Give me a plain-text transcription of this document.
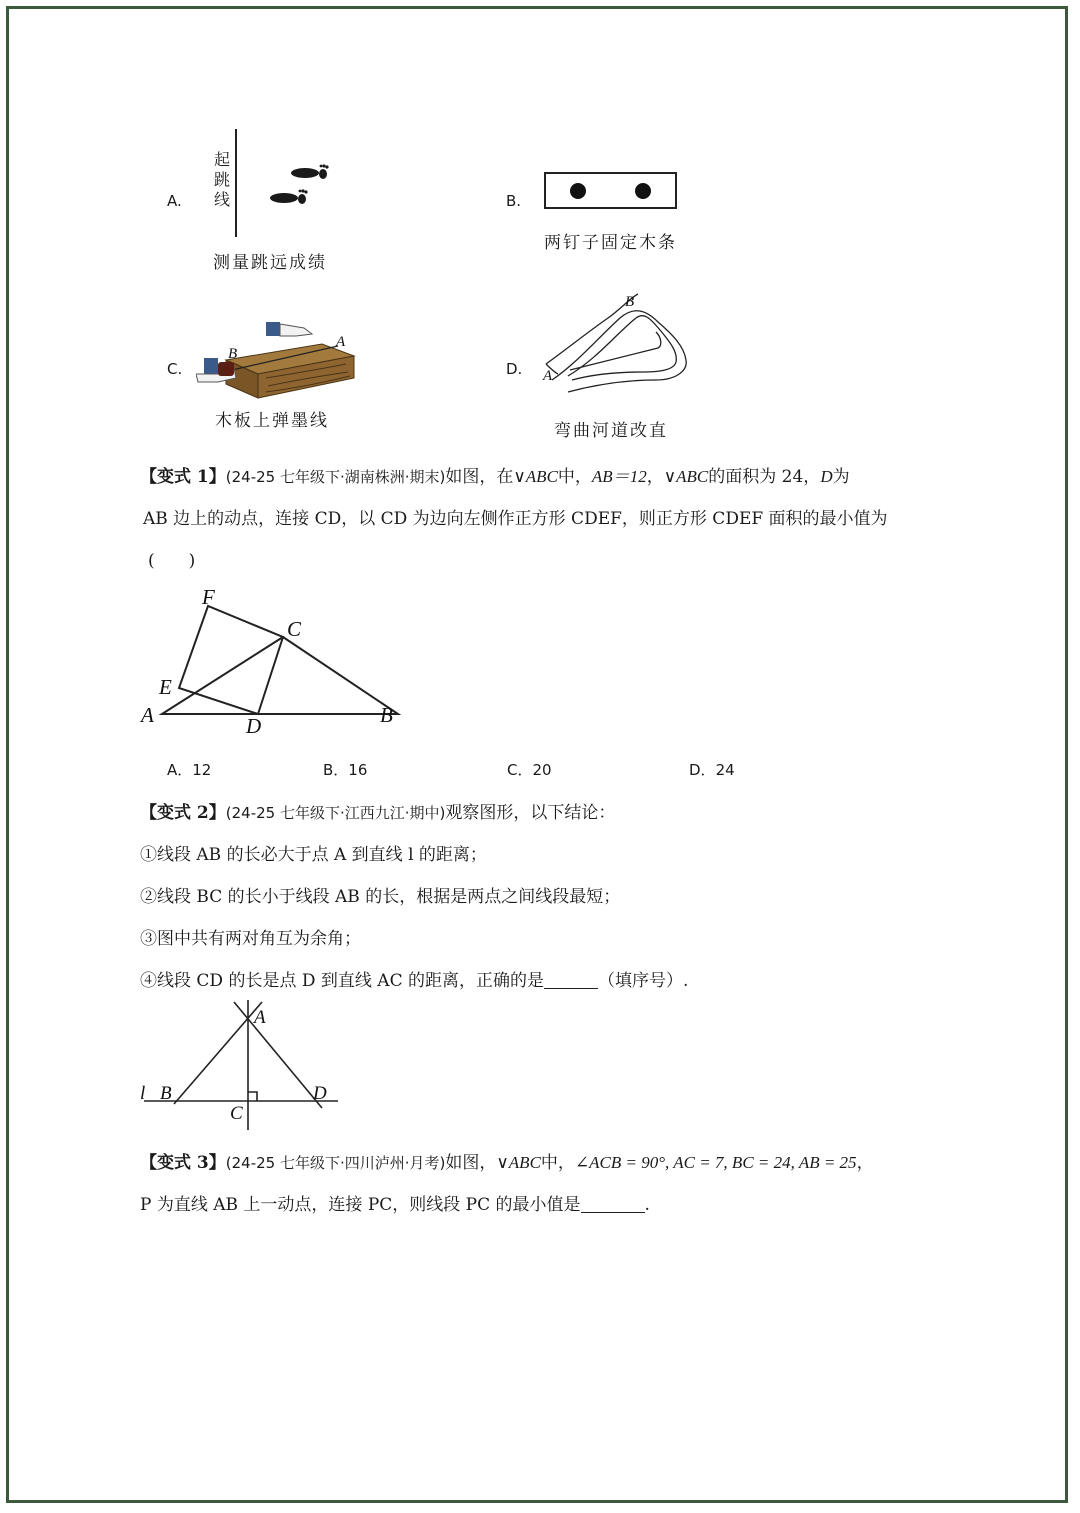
A.
起跳线
测量跳远成绩
B.
两钉子固定木条
C.
B
A
木板上弹墨线
D.
B
A
弯曲河道改直
【变式 1】(24-25 七年级下·湖南株洲·期末)如图，在∨ABC中，AB＝12，∨ABC的面积为 24，D为
AB 边上的动点，连接 CD，以 CD 为边向左侧作正方形 CDEF，则正方形 CDEF 面积的最小值为
(　　)
F
C
E
A	D	B
A．12	B．16	C．20	D．24
【变式 2】(24-25 七年级下·江西九江·期中)观察图形，以下结论：
①线段 AB 的长必大于点 A 到直线 l 的距离；
②线段 BC 的长小于线段 AB 的长，根据是两点之间线段最短；
③图中共有两对角互为余角；
④线段 CD 的长是点 D 到直线 AC 的距离，正确的是	（填序号）.
A
B
C
D
l
【变式 3】(24-25 七年级下·四川泸州·月考)如图，∨ABC中，∠ACB = 90°, AC = 7, BC = 24, AB = 25，
P 为直线 AB 上一动点，连接 PC，则线段 PC 的最小值是	.
